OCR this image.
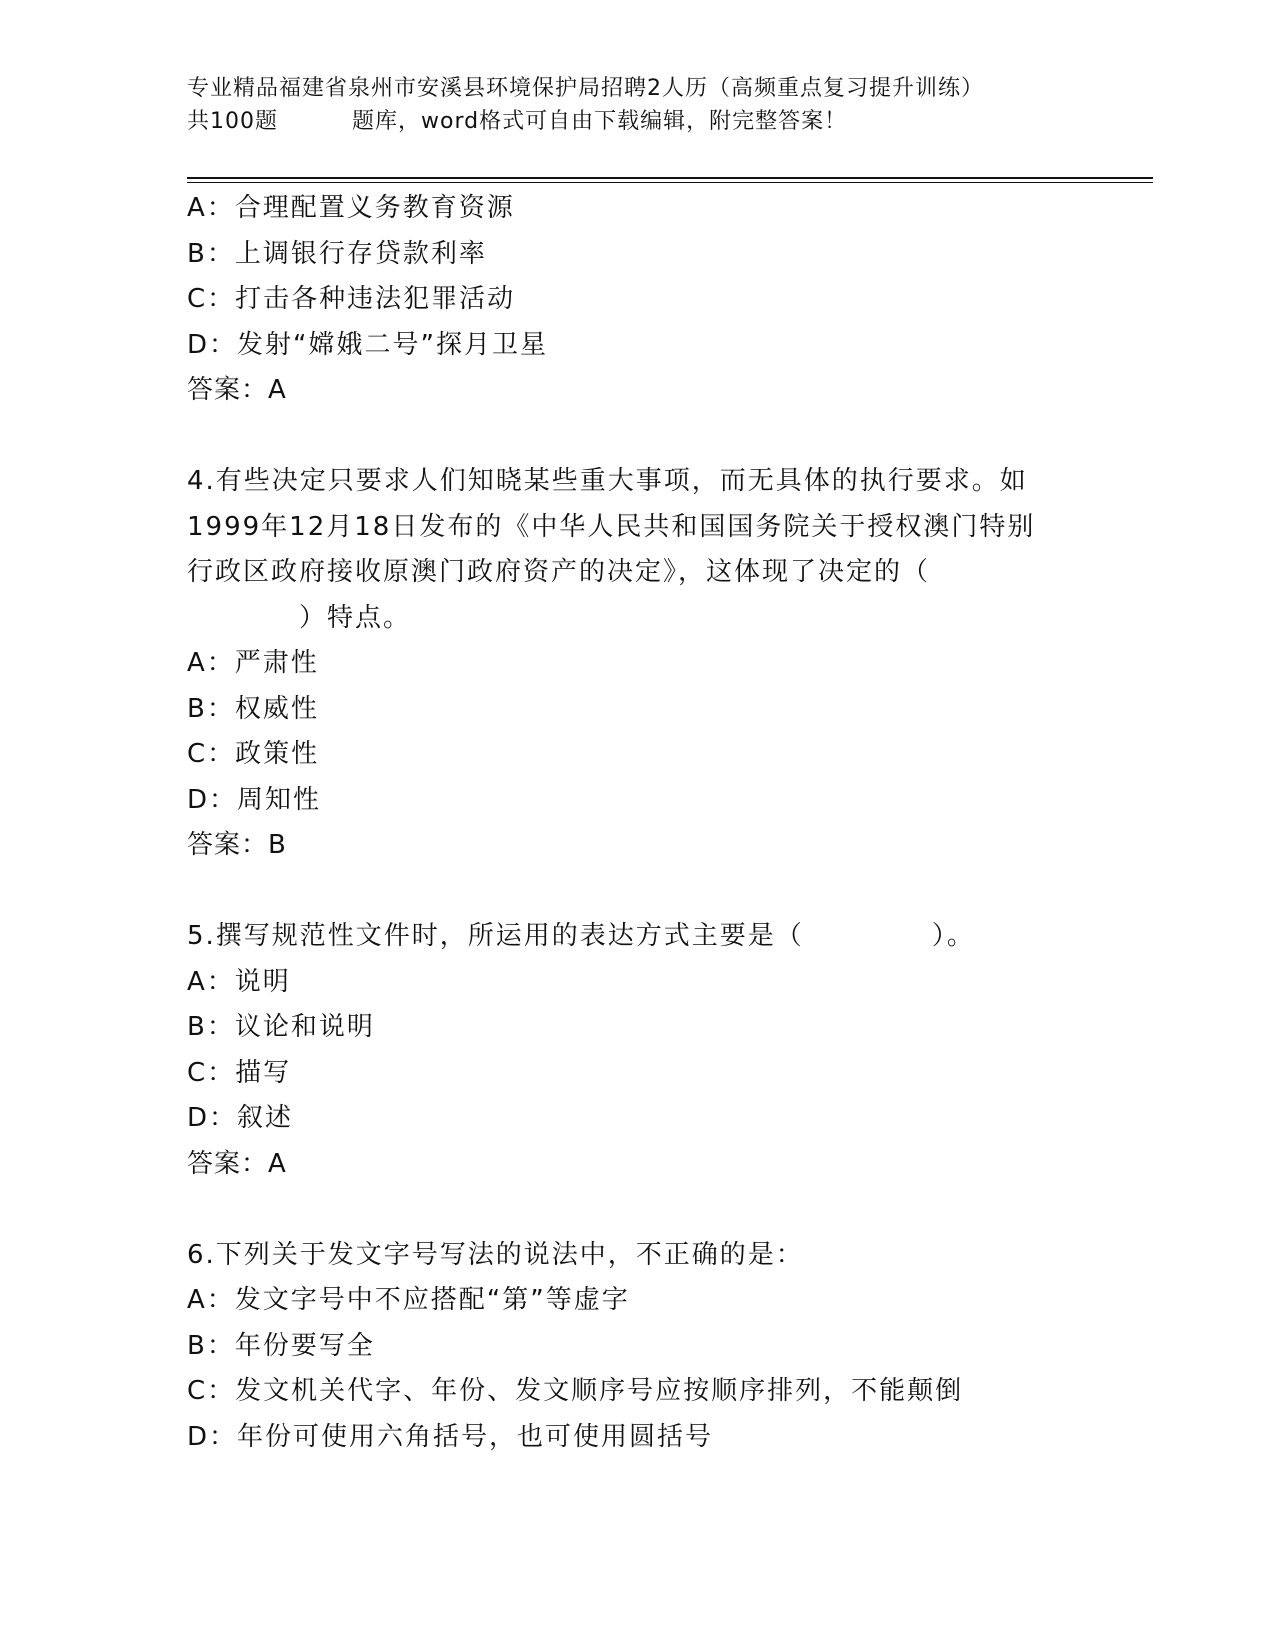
专业精品福建省泉州市安溪县环境保护局招聘2人历（高频重点复习提升训练）
共100题	题库，word格式可自由下载编辑，附完整答案！
A：合理配置义务教育资源
B：上调银行存贷款利率
C：打击各种违法犯罪活动
D：发射“嫦娥二号”探月卫星
答案：A
4.有些决定只要求人们知晓某些重大事项，而无具体的执行要求。如
1999年12月18日发布的《中华人民共和国国务院关于授权澳门特别
行政区政府接收原澳门政府资产的决定》，这体现了决定的（
）特点。
A：严肃性
B：权威性
C：政策性
D：周知性
答案：B
5.撰写规范性文件时，所运用的表达方式主要是（	）。
A：说明
B：议论和说明
C：描写
D：叙述
答案：A
6.下列关于发文字号写法的说法中，不正确的是：
A：发文字号中不应搭配“第”等虚字
B：年份要写全
C：发文机关代字、年份、发文顺序号应按顺序排列，不能颠倒
D：年份可使用六角括号，也可使用圆括号
